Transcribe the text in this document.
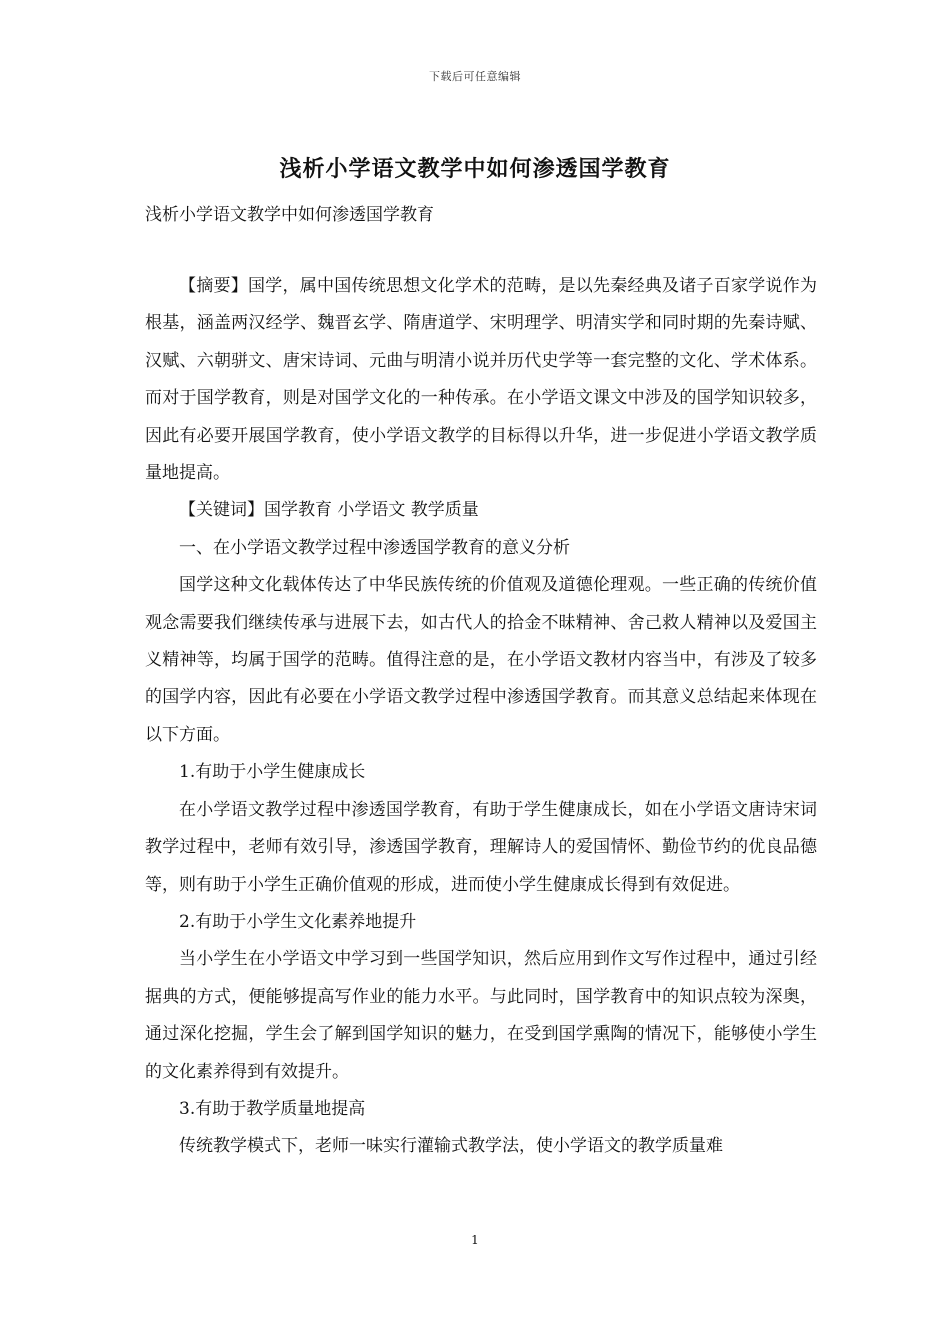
下载后可任意编辑
浅析小学语文教学中如何渗透国学教育
浅析小学语文教学中如何渗透国学教育

【摘要】国学，属中国传统思想文化学术的范畴，是以先秦经典及诸子百家学说作为根基，涵盖两汉经学、魏晋玄学、隋唐道学、宋明理学、明清实学和同时期的先秦诗赋、汉赋、六朝骈文、唐宋诗词、元曲与明清小说并历代史学等一套完整的文化、学术体系。而对于国学教育，则是对国学文化的一种传承。在小学语文课文中涉及的国学知识较多，因此有必要开展国学教育，使小学语文教学的目标得以升华，进一步促进小学语文教学质量地提高。

【关键词】国学教育 小学语文 教学质量

一、在小学语文教学过程中渗透国学教育的意义分析

国学这种文化载体传达了中华民族传统的价值观及道德伦理观。一些正确的传统价值观念需要我们继续传承与进展下去，如古代人的拾金不昧精神、舍己救人精神以及爱国主义精神等，均属于国学的范畴。值得注意的是，在小学语文教材内容当中，有涉及了较多的国学内容，因此有必要在小学语文教学过程中渗透国学教育。而其意义总结起来体现在以下方面。

1.有助于小学生健康成长

在小学语文教学过程中渗透国学教育，有助于学生健康成长，如在小学语文唐诗宋词教学过程中，老师有效引导，渗透国学教育，理解诗人的爱国情怀、勤俭节约的优良品德等，则有助于小学生正确价值观的形成，进而使小学生健康成长得到有效促进。

2.有助于小学生文化素养地提升

当小学生在小学语文中学习到一些国学知识，然后应用到作文写作过程中，通过引经据典的方式，便能够提高写作业的能力水平。与此同时，国学教育中的知识点较为深奥，通过深化挖掘，学生会了解到国学知识的魅力，在受到国学熏陶的情况下，能够使小学生的文化素养得到有效提升。

3.有助于教学质量地提高

传统教学模式下，老师一味实行灌输式教学法，使小学语文的教学质量难

1
